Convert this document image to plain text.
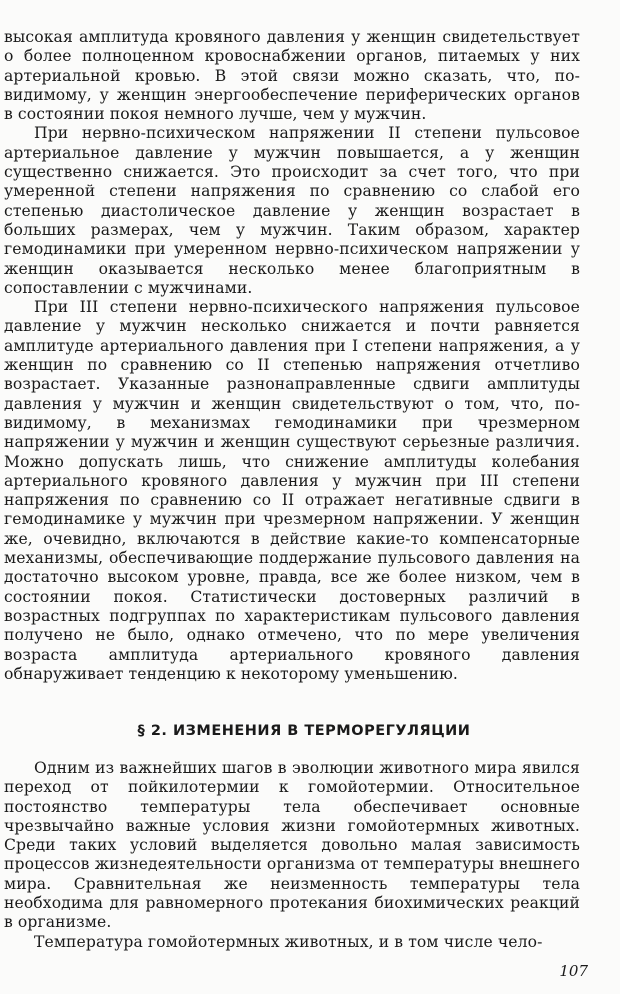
высокая амплитуда кровяного давления у женщин свидетельствует о более полноценном кровоснабжении органов, питаемых у них артериальной кровью. В этой связи можно сказать, что, по-видимому, у женщин энергообеспечение периферических органов в состоянии покоя немного лучше, чем у мужчин.

При нервно-психическом напряжении II степени пульсовое артериальное давление у мужчин повышается, а у женщин существенно снижается. Это происходит за счет того, что при умеренной степени напряжения по сравнению со слабой его степенью диастолическое давление у женщин возрастает в больших размерах, чем у мужчин. Таким образом, характер гемодинамики при умеренном нервно-психическом напряжении у женщин оказывается несколько менее благоприятным в сопоставлении с мужчинами.

При III степени нервно-психического напряжения пульсовое давление у мужчин несколько снижается и почти равняется амплитуде артериального давления при I степени напряжения, а у женщин по сравнению со II степенью напряжения отчетливо возрастает. Указанные разнонаправленные сдвиги амплитуды давления у мужчин и женщин свидетельствуют о том, что, по-видимому, в механизмах гемодинамики при чрезмерном напряжении у мужчин и женщин существуют серьезные различия. Можно допускать лишь, что снижение амплитуды колебания артериального кровяного давления у мужчин при III степени напряжения по сравнению со II отражает негативные сдвиги в гемодинамике у мужчин при чрезмерном напряжении. У женщин же, очевидно, включаются в действие какие-то компенсаторные механизмы, обеспечивающие поддержание пульсового давления на достаточно высоком уровне, правда, все же более низком, чем в состоянии покоя. Статистически достоверных различий в возрастных подгруппах по характеристикам пульсового давления получено не было, однако отмечено, что по мере увеличения возраста амплитуда артериального кровяного давления обнаруживает тенденцию к некоторому уменьшению.

§ 2. ИЗМЕНЕНИЯ В ТЕРМОРЕГУЛЯЦИИ

Одним из важнейших шагов в эволюции животного мира явился переход от пойкилотермии к гомойотермии. Относительное постоянство температуры тела обеспечивает основные чрезвычайно важные условия жизни гомойотермных животных. Среди таких условий выделяется довольно малая зависимость процессов жизнедеятельности организма от температуры внешнего мира. Сравнительная же неизменность температуры тела необходима для равномерного протекания биохимических реакций в организме.

Температура гомойотермных животных, и в том числе чело-

107
